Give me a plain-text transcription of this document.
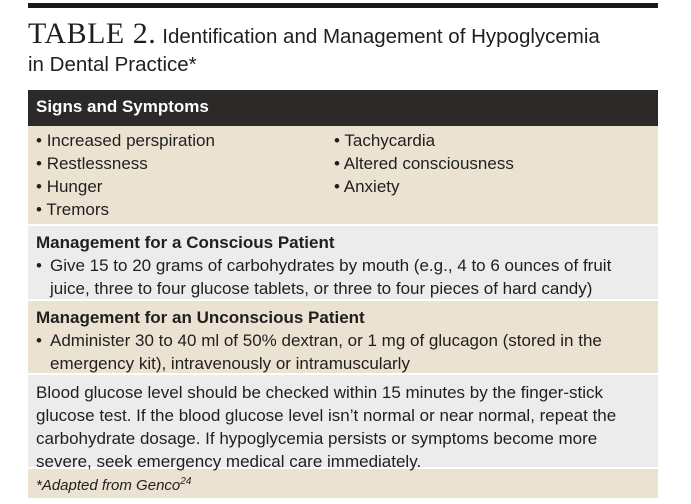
TABLE 2. Identification and Management of Hypoglycemia
in Dental Practice*
Signs and Symptoms
• Increased perspiration
• Restlessness
• Hunger
• Tremors
• Tachycardia
• Altered consciousness
• Anxiety
Management for a Conscious Patient
• Give 15 to 20 grams of carbohydrates by mouth (e.g., 4 to 6 ounces of fruit juice, three to four glucose tablets, or three to four pieces of hard candy)
Management for an Unconscious Patient
• Administer 30 to 40 ml of 50% dextran, or 1 mg of glucagon (stored in the emergency kit), intravenously or intramuscularly
Blood glucose level should be checked within 15 minutes by the finger-stick glucose test. If the blood glucose level isn’t normal or near normal, repeat the carbohydrate dosage. If hypoglycemia persists or symptoms become more severe, seek emergency medical care immediately.
*Adapted from Genco$^{24}$
